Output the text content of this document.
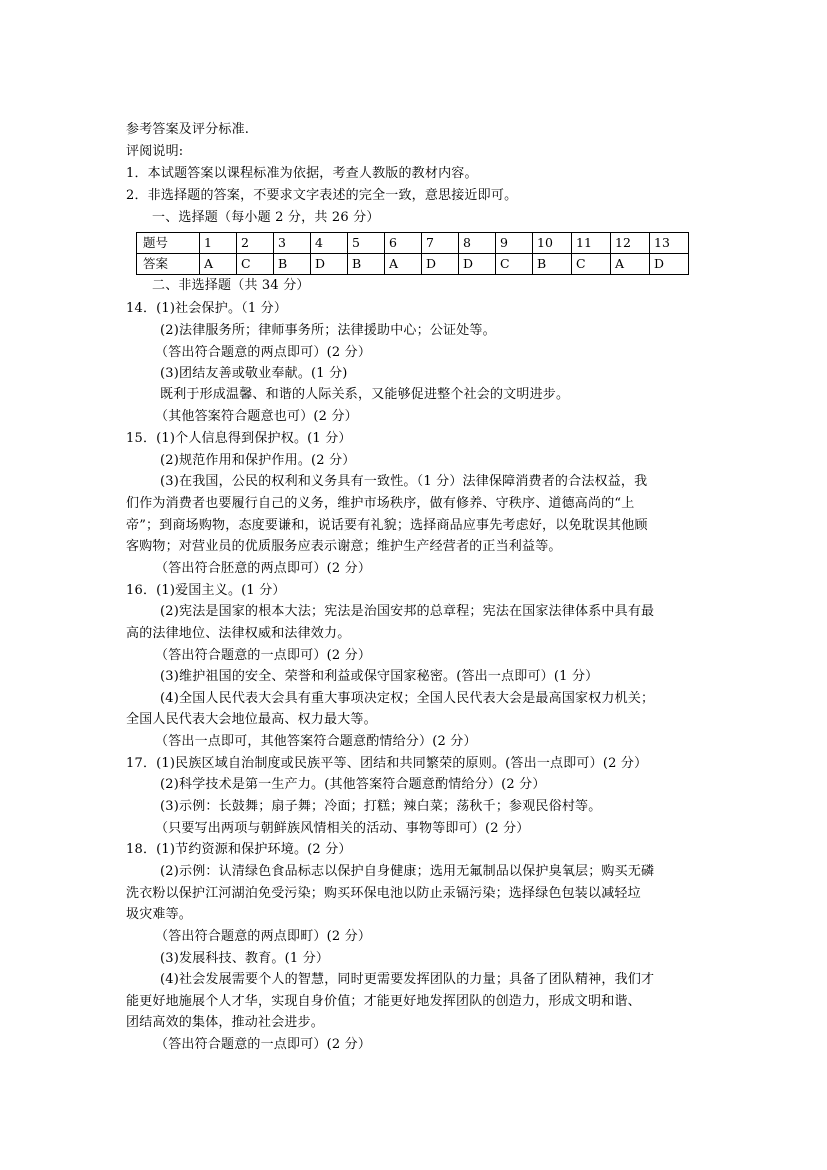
参考答案及评分标准.
评阅说明:
1．本试题答案以课程标准为依据，考查人教版的教材内容。
2．非选择题的答案，不要求文字表述的完全一致，意思接近即可。
一、选择题（每小题 2 分，共 26 分）
题号	1	2	3	4	5	6	7	8	9	10	11	12	13
答案	A	C	B	D	B	A	D	D	C	B	C	A	D
二、非选择题（共 34 分）
14．(1)社会保护。（1 分）
(2)法律服务所；律师事务所；法律援助中心；公证处等。
（答出符合题意的两点即可）(2 分）
(3)团结友善或敬业奉献。(1 分)
既利于形成温馨、和谐的人际关系，又能够促进整个社会的文明进步。
（其他答案符合题意也可）(2 分）
15．(1)个人信息得到保护权。(1 分）
(2)规范作用和保护作用。(2 分）
(3)在我国，公民的权利和义务具有一致性。（1 分）法律保障消费者的合法权益，我
们作为消费者也要履行自己的义务，维护市场秩序，做有修养、守秩序、道德高尚的“上
帝”；到商场购物，态度要谦和，说话要有礼貌；选择商品应事先考虑好，以免耽误其他顾
客购物；对营业员的优质服务应表示谢意；维护生产经营者的正当利益等。
（答出符合胚意的两点即可）(2 分）
16．(1)爱国主义。(1 分）
(2)宪法是国家的根本大法；宪法是治国安邦的总章程；宪法在国家法律体系中具有最
高的法律地位、法律权威和法律效力。
（答出符合题意的一点即可）(2 分）
(3)维护祖国的安全、荣誉和利益或保守国家秘密。(答出一点即可）(1 分）
(4)全国人民代表大会具有重大事项决定权；全国人民代表大会是最高国家权力机关；
全国人民代表大会地位最高、权力最大等。
（答出一点即可，其他答案符合题意酌情给分）(2 分）
17．(1)民族区域自治制度或民族平等、团结和共同繁荣的原则。(答出一点即可）(2 分）
(2)科学技术是第一生产力。(其他答案符合题意酌情给分）(2 分）
(3)示例：长鼓舞；扇子舞；冷面；打糕；辣白菜；荡秋千；参观民俗村等。
（只要写出两项与朝鲜族风情相关的活动、事物等即可）(2 分）
18．(1)节约资源和保护环境。(2 分）
(2)示例：认清绿色食品标志以保护自身健康；选用无氟制品以保护臭氧层；购买无磷
洗衣粉以保护江河湖泊免受污染；购买环保电池以防止汞镉污染；选择绿色包装以减轻垃
圾灾难等。
（答出符合题意的两点即町）(2 分）
(3)发展科技、教育。(1 分）
(4)社会发展需要个人的智慧，同时更需要发挥团队的力量；具备了团队精神，我们才
能更好地施展个人才华，实现自身价值；才能更好地发挥团队的创造力，形成文明和谐、
团结高效的集体，推动社会进步。
（答出符合题意的一点即可）(2 分）
